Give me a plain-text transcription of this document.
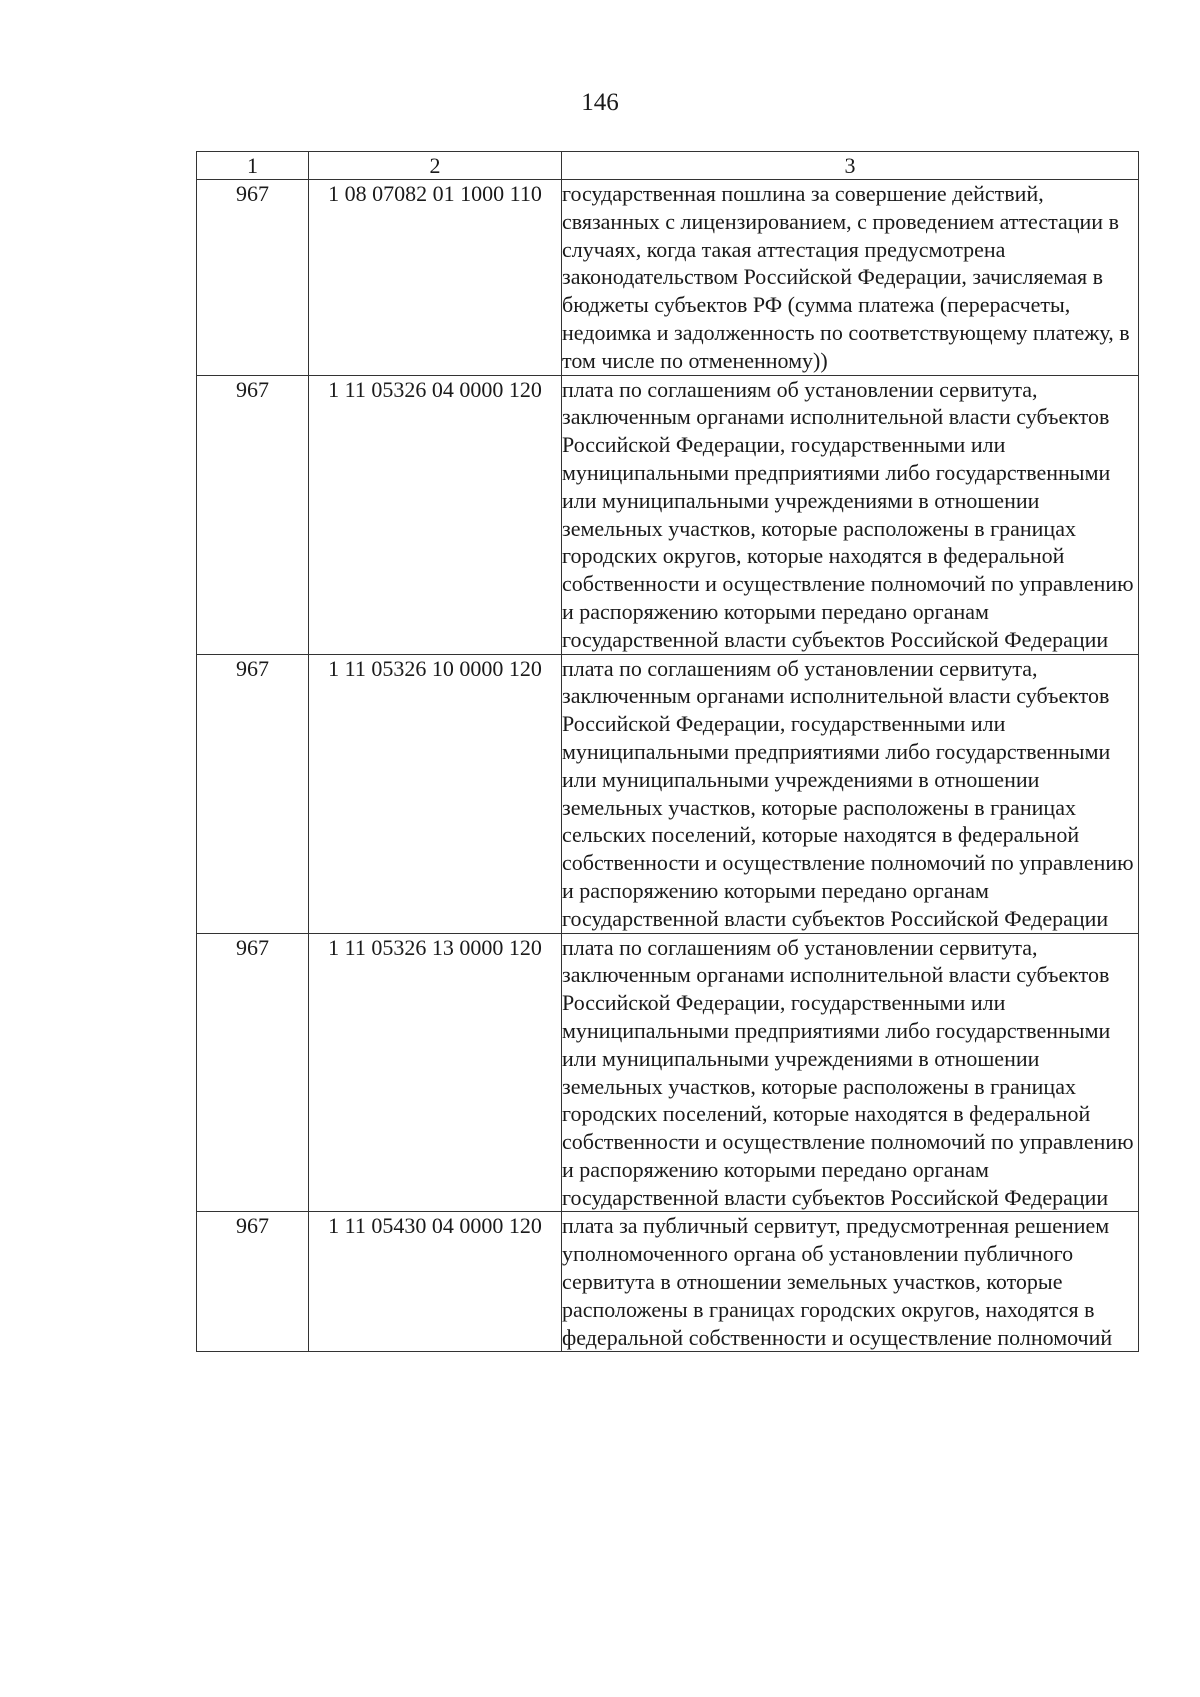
146
1	2	3
967	1 08 07082 01 1000 110	государственная пошлина за совершение действий, связанных с лицензированием, с проведением аттестации в случаях, когда такая аттестация предусмотрена законодательством Российской Федерации, зачисляемая в бюджеты субъектов РФ (сумма платежа (перерасчеты, недоимка и задолженность по соответствующему платежу, в том числе по отмененному))
967	1 11 05326 04 0000 120	плата по соглашениям об установлении сервитута, заключенным органами исполнительной власти субъектов Российской Федерации, государственными или муниципальными предприятиями либо государственными или муниципальными учреждениями в отношении земельных участков, которые расположены в границах городских округов, которые находятся в федеральной собственности и осуществление полномочий по управлению и распоряжению которыми передано органам государственной власти субъектов Российской Федерации
967	1 11 05326 10 0000 120	плата по соглашениям об установлении сервитута, заключенным органами исполнительной власти субъектов Российской Федерации, государственными или муниципальными предприятиями либо государственными или муниципальными учреждениями в отношении земельных участков, которые расположены в границах сельских поселений, которые находятся в федеральной собственности и осуществление полномочий по управлению и распоряжению которыми передано органам государственной власти субъектов Российской Федерации
967	1 11 05326 13 0000 120	плата по соглашениям об установлении сервитута, заключенным органами исполнительной власти субъектов Российской Федерации, государственными или муниципальными предприятиями либо государственными или муниципальными учреждениями в отношении земельных участков, которые расположены в границах городских поселений, которые находятся в федеральной собственности и осуществление полномочий по управлению и распоряжению которыми передано органам государственной власти субъектов Российской Федерации
967	1 11 05430 04 0000 120	плата за публичный сервитут, предусмотренная решением уполномоченного органа об установлении публичного сервитута в отношении земельных участков, которые расположены в границах городских округов, находятся в федеральной собственности и осуществление полномочий
